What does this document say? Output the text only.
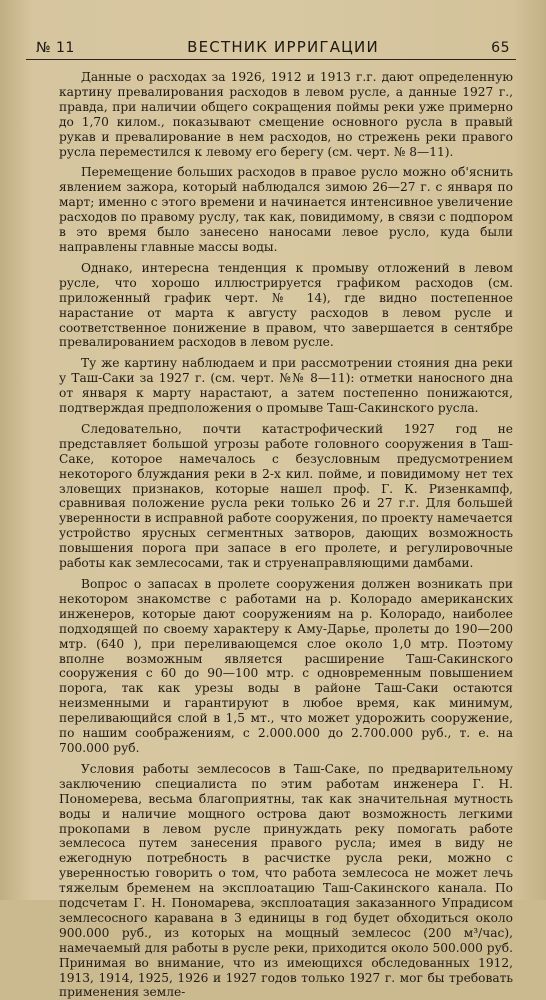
№ 11	ВЕСТНИК ИРРИГАЦИИ	65

Данные о расходах за 1926, 1912 и 1913 г.г. дают определенную картину превалирования расходов в левом русле, а данные 1927 г., правда, при наличии общего сокращения поймы реки уже примерно до 1,70 килом., показывают смещение основного русла в правый рукав и превалирование в нем расходов, но стрежень реки правого русла переместился к левому его берегу (см. черт. № 8—11).

Перемещение больших расходов в правое русло можно об'яснить явлением зажора, который наблюдался зимою 26—27 г. с января по март; именно с этого времени и начинается интенсивное увеличение расходов по правому руслу, так как, повидимому, в связи с подпором в это время было занесено наносами левое русло, куда были направлены главные массы воды.

Однако, интересна тенденция к промыву отложений в левом русле, что хорошо иллюстрируется графиком расходов (см. приложенный график черт. № 14), где видно постепенное нарастание от марта к августу расходов в левом русле и соответственное понижение в правом, что завершается в сентябре превалированием расходов в левом русле.

Ту же картину наблюдаем и при рассмотрении стояния дна реки у Таш-Саки за 1927 г. (см. черт. №№ 8—11): отметки наносного дна от января к марту нарастают, а затем постепенно понижаются, подтверждая предположения о промыве Таш-Сакинского русла.

Следовательно, почти катастрофический 1927 год не представляет большой угрозы работе головного сооружения в Таш-Саке, которое намечалось с безусловным предусмотрением некоторого блуждания реки в 2-х кил. пойме, и повидимому нет тех зловещих признаков, которые нашел проф. Г. К. Ризенкампф, сравнивая положение русла реки только 26 и 27 г.г. Для большей уверенности в исправной работе сооружения, по проекту намечается устройство ярусных сегментных затворов, дающих возможность повышения порога при запасе в его пролете, и регулировочные работы как землесосами, так и струенаправляющими дамбами.

Вопрос о запасах в пролете сооружения должен возникать при некотором знакомстве с работами на р. Колорадо американских инженеров, которые дают сооружениям на р. Колорадо, наиболее подходящей по своему характеру к Аму-Дарье, пролеты до 190—200 мтр. (640 ), при переливающемся слое около 1,0 мтр. Поэтому вполне возможным является расширение Таш-Сакинского сооружения с 60 до 90—100 мтр. с одновременным повышением порога, так как урезы воды в районе Таш-Саки остаются неизменными и гарантируют в любое время, как минимум, переливающийся слой в 1,5 мт., что может удорожить сооружение, по нашим соображениям, с 2.000.000 до 2.700.000 руб., т. е. на 700.000 руб.

Условия работы землесосов в Таш-Саке, по предварительному заключению специалиста по этим работам инженера Г. Н. Пономерева, весьма благоприятны, так как значительная мутность воды и наличие мощного острова дают возможность легкими прокопами в левом русле принуждать реку помогать работе землесоса путем занесения правого русла; имея в виду не ежегодную потребность в расчистке русла реки, можно с уверенностью говорить о том, что работа землесоса не может лечь тяжелым бременем на эксплоатацию Таш-Сакинского канала. По подсчетам Г. Н. Пономарева, эксплоатация заказанного Упрадисом землесосного каравана в 3 единицы в год будет обходиться около 900.000 руб., из которых на мощный землесос (200 м³/час), намечаемый для работы в русле реки, приходится около 500.000 руб. Принимая во внимание, что из имеющихся обследованных 1912, 1913, 1914, 1925, 1926 и 1927 годов только 1927 г. мог бы требовать применения земле-
